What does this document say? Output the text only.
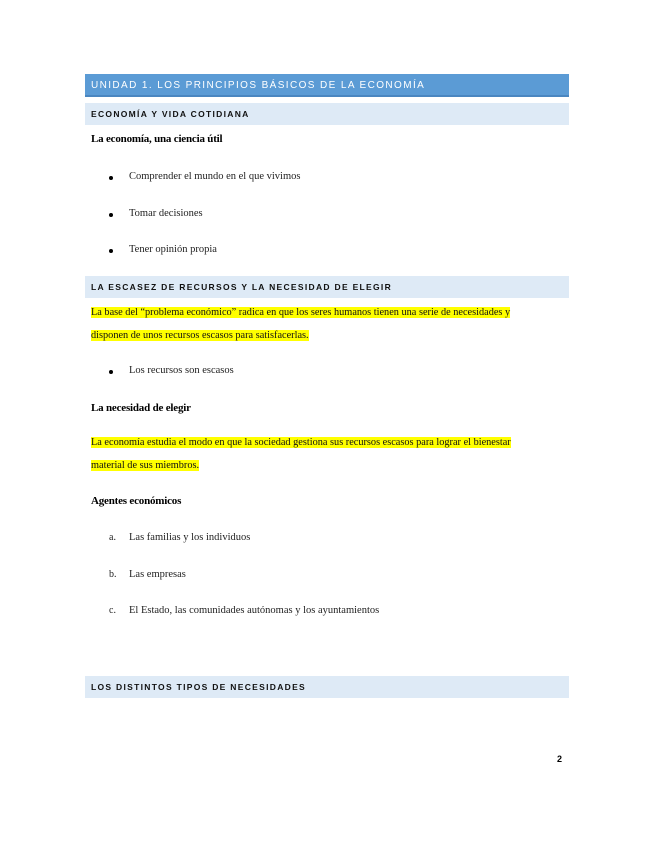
UNIDAD 1. LOS PRINCIPIOS BÁSICOS DE LA ECONOMÍA
ECONOMÍA Y VIDA COTIDIANA
La economía, una ciencia útil
Comprender el mundo en el que vivimos
Tomar decisiones
Tener opinión propia
LA ESCASEZ DE RECURSOS Y LA NECESIDAD DE ELEGIR
La base del “problema económico” radica en que los seres humanos tienen una serie de necesidades y
disponen de unos recursos escasos para satisfacerlas.
Los recursos son escasos
La necesidad de elegir
La economía estudia el modo en que la sociedad gestiona sus recursos escasos para lograr el bienestar
material de sus miembros.
Agentes económicos
a. Las familias y los individuos
b. Las empresas
c. El Estado, las comunidades autónomas y los ayuntamientos
LOS DISTINTOS TIPOS DE NECESIDADES
2
